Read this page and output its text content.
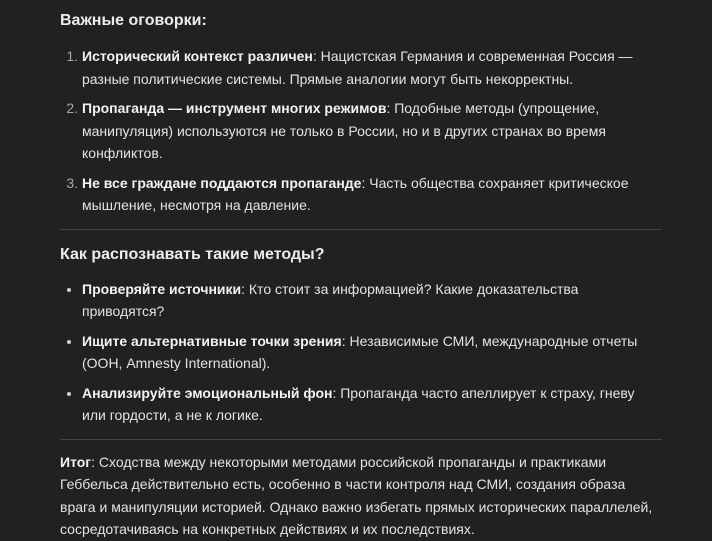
Важные оговорки:
1. Исторический контекст различен: Нацистская Германия и современная Россия — разные политические системы. Прямые аналогии могут быть некорректны.
2. Пропаганда — инструмент многих режимов: Подобные методы (упрощение, манипуляция) используются не только в России, но и в других странах во время конфликтов.
3. Не все граждане поддаются пропаганде: Часть общества сохраняет критическое мышление, несмотря на давление.
Как распознавать такие методы?
• Проверяйте источники: Кто стоит за информацией? Какие доказательства приводятся?
• Ищите альтернативные точки зрения: Независимые СМИ, международные отчеты (ООН, Amnesty International).
• Анализируйте эмоциональный фон: Пропаганда часто апеллирует к страху, гневу или гордости, а не к логике.

Итог: Сходства между некоторыми методами российской пропаганды и практиками Геббельса действительно есть, особенно в части контроля над СМИ, создания образа врага и манипуляции историей. Однако важно избегать прямых исторических параллелей, сосредотачиваясь на конкретных действиях и их последствиях.
